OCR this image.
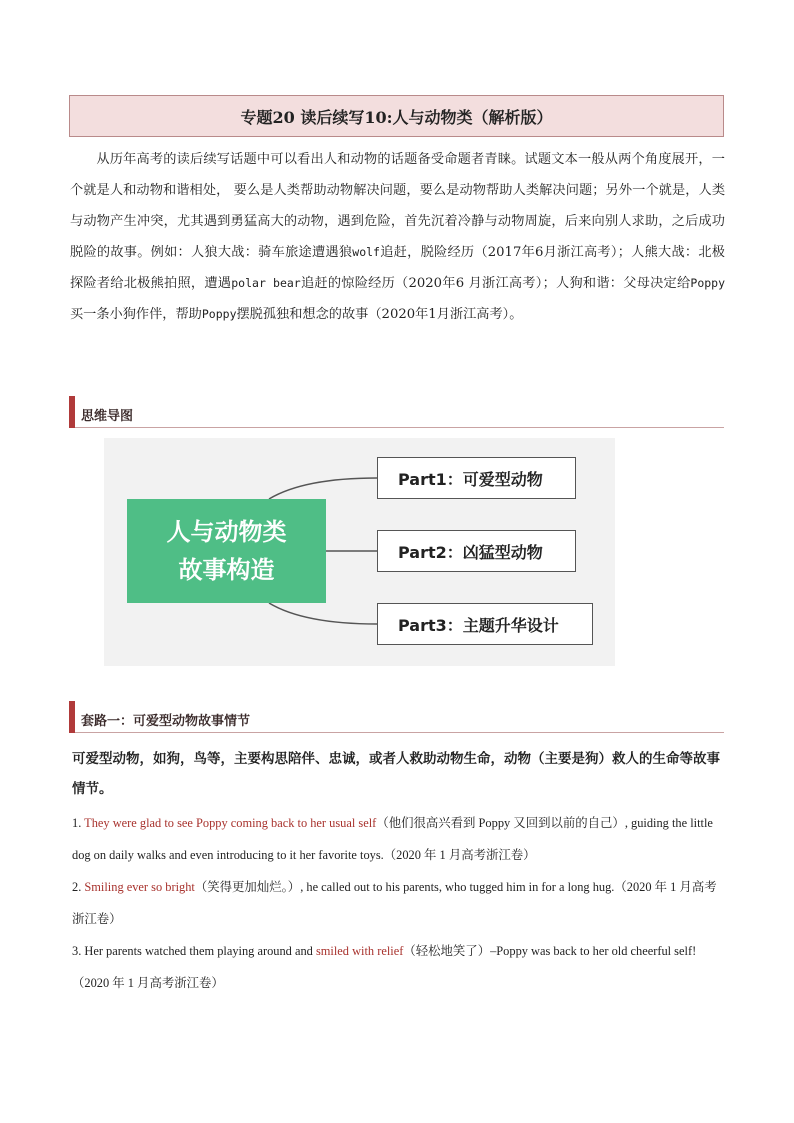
专题20 读后续写10:人与动物类（解析版）
从历年高考的读后续写话题中可以看出人和动物的话题备受命题者青睐。试题文本一般从两个角度展开，一个就是人和动物和谐相处， 要么是人类帮助动物解决问题，要么是动物帮助人类解决问题；另外一个就是，人类与动物产生冲突，尤其遇到勇猛高大的动物，遇到危险，首先沉着冷静与动物周旋，后来向别人求助，之后成功脱险的故事。例如：人狼大战：骑车旅途遭遇狼wolf追赶，脱险经历（2017年6月浙江高考）；人熊大战：北极探险者给北极熊拍照，遭遇polar bear追赶的惊险经历（2020年6 月浙江高考）；人狗和谐：父母决定给Poppy买一条小狗作伴，帮助Poppy摆脱孤独和想念的故事（2020年1月浙江高考）。
思维导图
人与动物类
故事构造
Part1：可爱型动物
Part2：凶猛型动物
Part3：主题升华设计
套路一：可爱型动物故事情节
可爱型动物，如狗，鸟等，主要构思陪伴、忠诚，或者人救助动物生命，动物（主要是狗）救人的生命等故事情节。
1. They were glad to see Poppy coming back to her usual self（他们很高兴看到 Poppy 又回到以前的自己）, guiding the little dog on daily walks and even introducing to it her favorite toys.（2020 年 1 月高考浙江卷）
2. Smiling ever so bright（笑得更加灿烂。）, he called out to his parents, who tugged him in for a long hug.（2020 年 1 月高考浙江卷）
3. Her parents watched them playing around and smiled with relief（轻松地笑了）–Poppy was back to her old cheerful self!（2020 年 1 月高考浙江卷）
